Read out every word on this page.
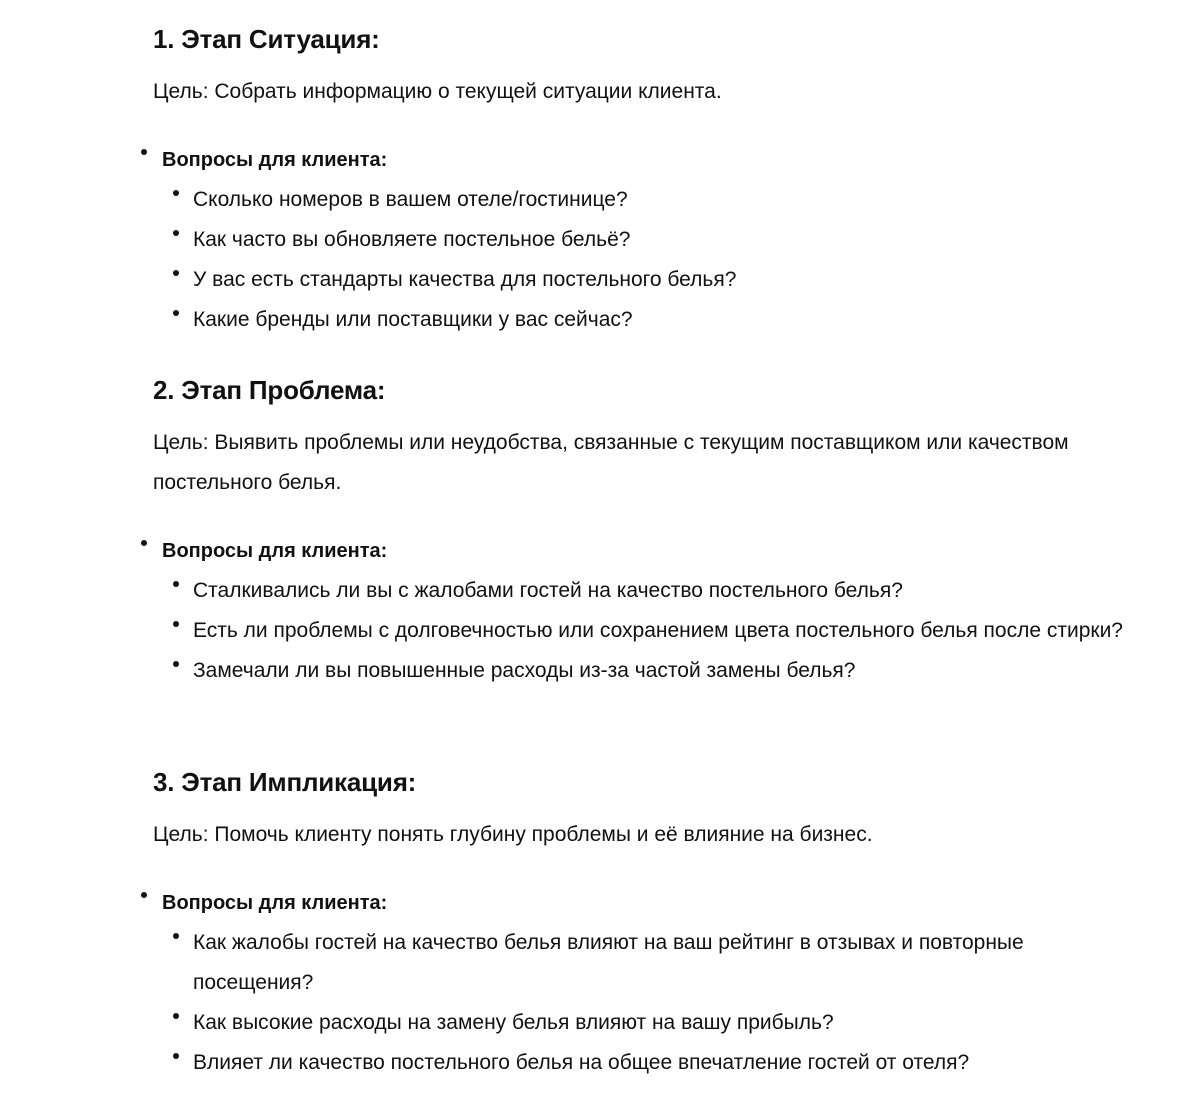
1. Этап Ситуация:

Цель: Собрать информацию о текущей ситуации клиента.

Вопросы для клиента:
Сколько номеров в вашем отеле/гостинице?
Как часто вы обновляете постельное бельё?
У вас есть стандарты качества для постельного белья?
Какие бренды или поставщики у вас сейчас?
2. Этап Проблема:

Цель: Выявить проблемы или неудобства, связанные с текущим поставщиком или качеством постельного белья.

Вопросы для клиента:
Сталкивались ли вы с жалобами гостей на качество постельного белья?
Есть ли проблемы с долговечностью или сохранением цвета постельного белья после стирки?
Замечали ли вы повышенные расходы из-за частой замены белья?
3. Этап Импликация:

Цель: Помочь клиенту понять глубину проблемы и её влияние на бизнес.

Вопросы для клиента:
Как жалобы гостей на качество белья влияют на ваш рейтинг в отзывах и повторные посещения?
Как высокие расходы на замену белья влияют на вашу прибыль?
Влияет ли качество постельного белья на общее впечатление гостей от отеля?
